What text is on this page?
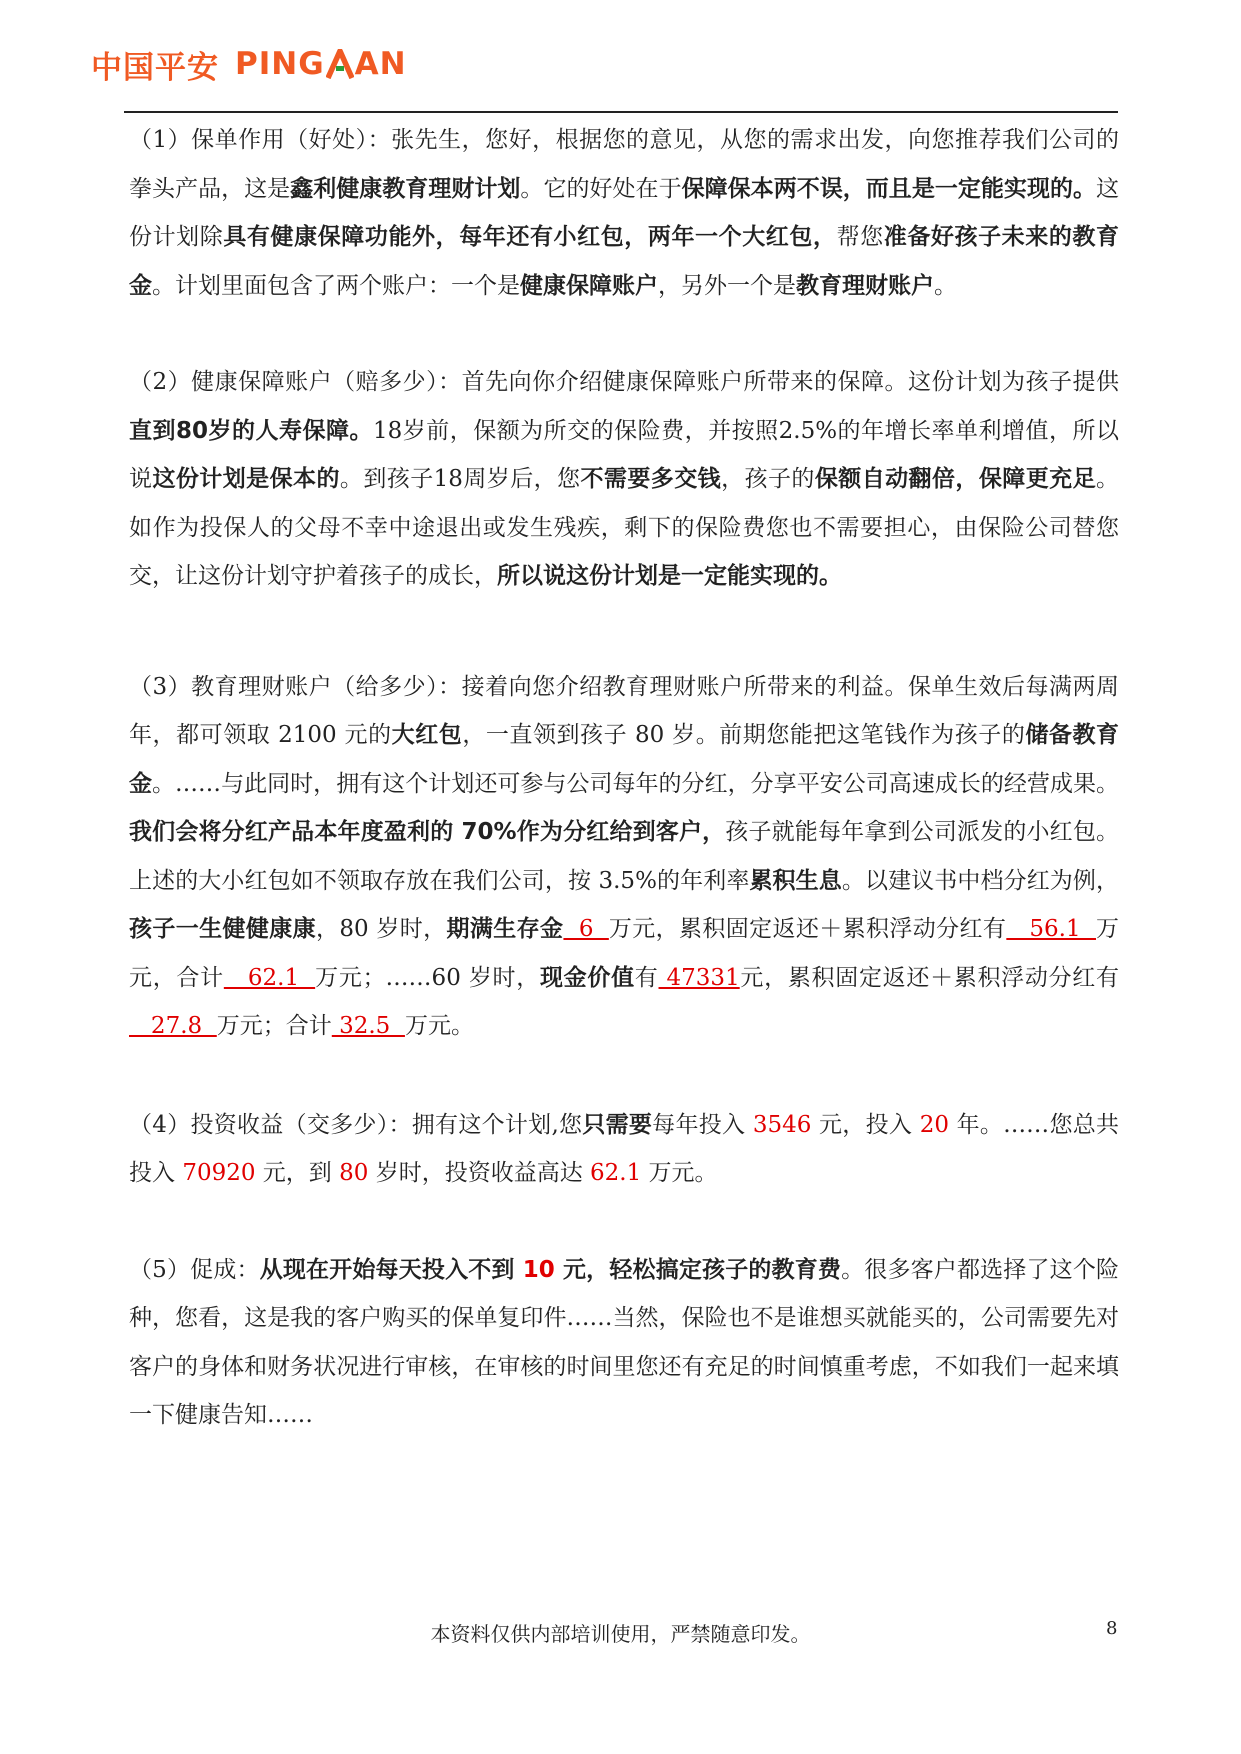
中国平安 PING AN

（1）保单作用（好处）：张先生，您好，根据您的意见，从您的需求出发，向您推荐我们公司的拳头产品，这是鑫利健康教育理财计划。它的好处在于保障保本两不误，而且是一定能实现的。这份计划除具有健康保障功能外，每年还有小红包，两年一个大红包，帮您准备好孩子未来的教育金。计划里面包含了两个账户：一个是健康保障账户，另外一个是教育理财账户。

（2）健康保障账户（赔多少）：首先向你介绍健康保障账户所带来的保障。这份计划为孩子提供直到80岁的人寿保障。18岁前，保额为所交的保险费，并按照2.5%的年增长率单利增值，所以说这份计划是保本的。到孩子18周岁后，您不需要多交钱，孩子的保额自动翻倍，保障更充足。如作为投保人的父母不幸中途退出或发生残疾，剩下的保险费您也不需要担心，由保险公司替您交，让这份计划守护着孩子的成长，所以说这份计划是一定能实现的。

（3）教育理财账户（给多少）：接着向您介绍教育理财账户所带来的利益。保单生效后每满两周年，都可领取 2100 元的大红包，一直领到孩子 80 岁。前期您能把这笔钱作为孩子的储备教育金。……与此同时，拥有这个计划还可参与公司每年的分红，分享平安公司高速成长的经营成果。我们会将分红产品本年度盈利的 70%作为分红给到客户，孩子就能每年拿到公司派发的小红包。上述的大小红包如不领取存放在我们公司，按 3.5%的年利率累积生息。以建议书中档分红为例，孩子一生健健康康，80 岁时，期满生存金  6  万元，累积固定返还＋累积浮动分红有   56.1  万元，合计   62.1  万元；……60 岁时，现金价值有 47331元，累积固定返还＋累积浮动分红有   27.8  万元；合计 32.5  万元。

（4）投资收益（交多少）：拥有这个计划,您只需要每年投入 3546 元，投入 20 年。……您总共投入 70920 元，到 80 岁时，投资收益高达 62.1 万元。

（5）促成：从现在开始每天投入不到 10 元，轻松搞定孩子的教育费。很多客户都选择了这个险种，您看，这是我的客户购买的保单复印件……当然，保险也不是谁想买就能买的，公司需要先对客户的身体和财务状况进行审核，在审核的时间里您还有充足的时间慎重考虑，不如我们一起来填一下健康告知……

本资料仅供内部培训使用，严禁随意印发。	8
